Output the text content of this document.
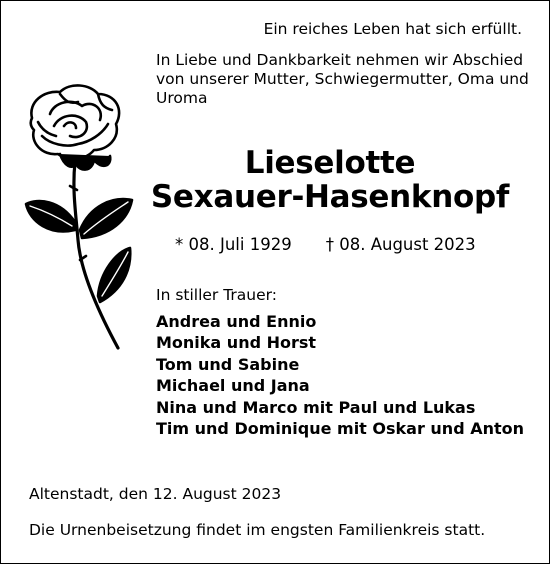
Ein reiches Leben hat sich erfüllt.
In Liebe und Dankbarkeit nehmen wir Abschied von unserer Mutter, Schwiegermutter, Oma und Uroma
Lieselotte
Sexauer-Hasenknopf
* 08. Juli 1929 † 08. August 2023
In stiller Trauer:
Andrea und Ennio
Monika und Horst
Tom und Sabine
Michael und Jana
Nina und Marco mit Paul und Lukas
Tim und Dominique mit Oskar und Anton
Altenstadt, den 12. August 2023
Die Urnenbeisetzung findet im engsten Familienkreis statt.
